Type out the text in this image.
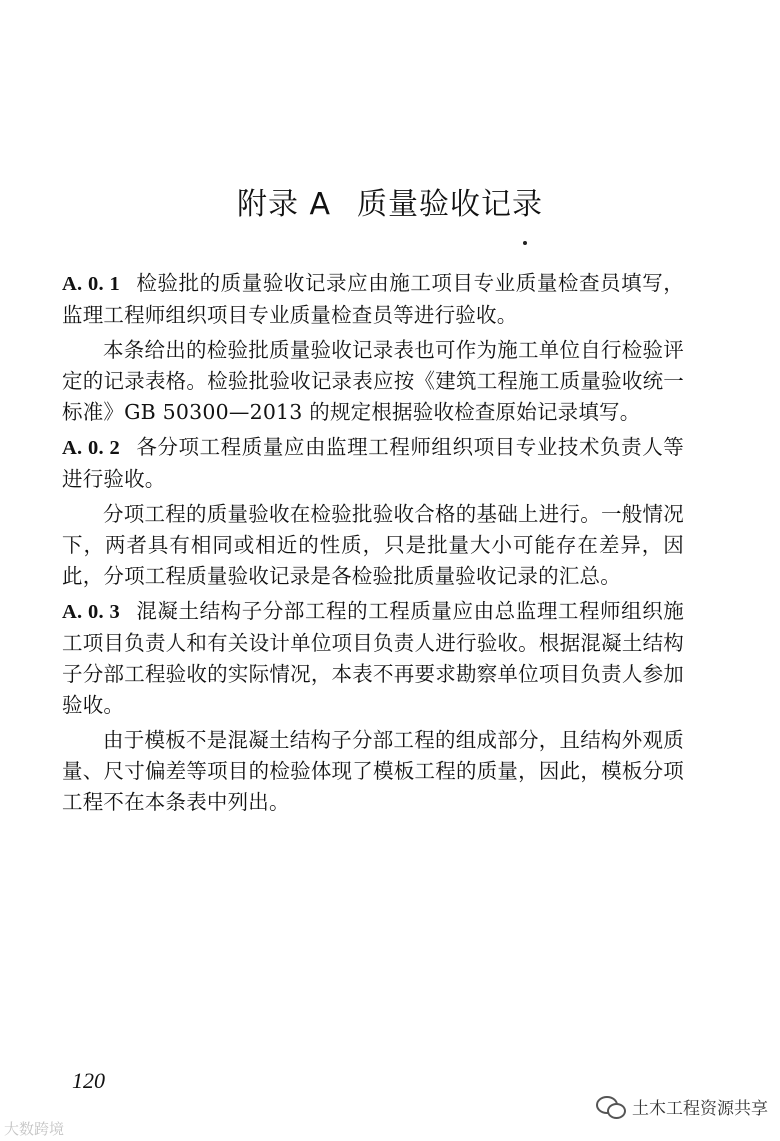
附录 A 质量验收记录

A. 0. 1 检验批的质量验收记录应由施工项目专业质量检查员填写，监理工程师组织项目专业质量检查员等进行验收。

本条给出的检验批质量验收记录表也可作为施工单位自行检验评定的记录表格。检验批验收记录表应按《建筑工程施工质量验收统一标准》GB 50300—2013 的规定根据验收检查原始记录填写。

A. 0. 2 各分项工程质量应由监理工程师组织项目专业技术负责人等进行验收。

分项工程的质量验收在检验批验收合格的基础上进行。一般情况下，两者具有相同或相近的性质，只是批量大小可能存在差异，因此，分项工程质量验收记录是各检验批质量验收记录的汇总。

A. 0. 3 混凝土结构子分部工程的工程质量应由总监理工程师组织施工项目负责人和有关设计单位项目负责人进行验收。根据混凝土结构子分部工程验收的实际情况，本表不再要求勘察单位项目负责人参加验收。

由于模板不是混凝土结构子分部工程的组成部分，且结构外观质量、尺寸偏差等项目的检验体现了模板工程的质量，因此，模板分项工程不在本条表中列出。

120
大数跨境
土木工程资源共享
